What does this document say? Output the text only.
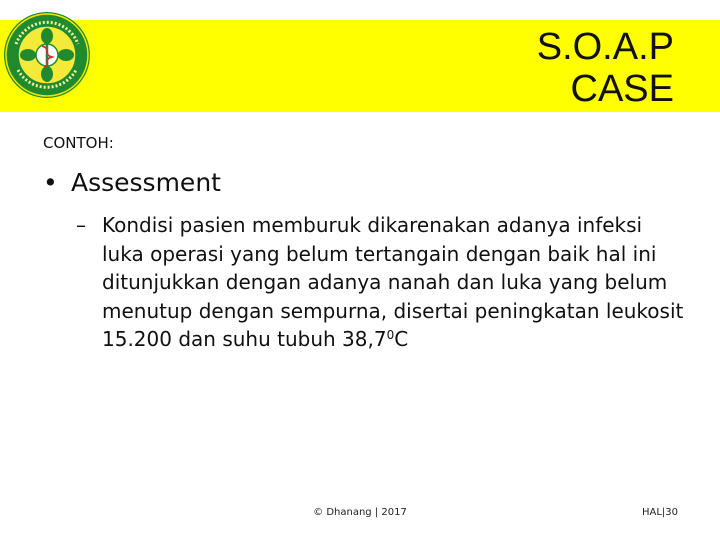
S.O.A.P
CASE
CONTOH:
• Assessment
– Kondisi pasien memburuk dikarenakan adanya infeksi luka operasi yang belum tertangain dengan baik hal ini ditunjukkan dengan adanya nanah dan luka yang belum menutup dengan sempurna, disertai peningkatan leukosit 15.200 dan suhu tubuh 38,7$^0$C
© Dhanang | 2017	HAL|30
